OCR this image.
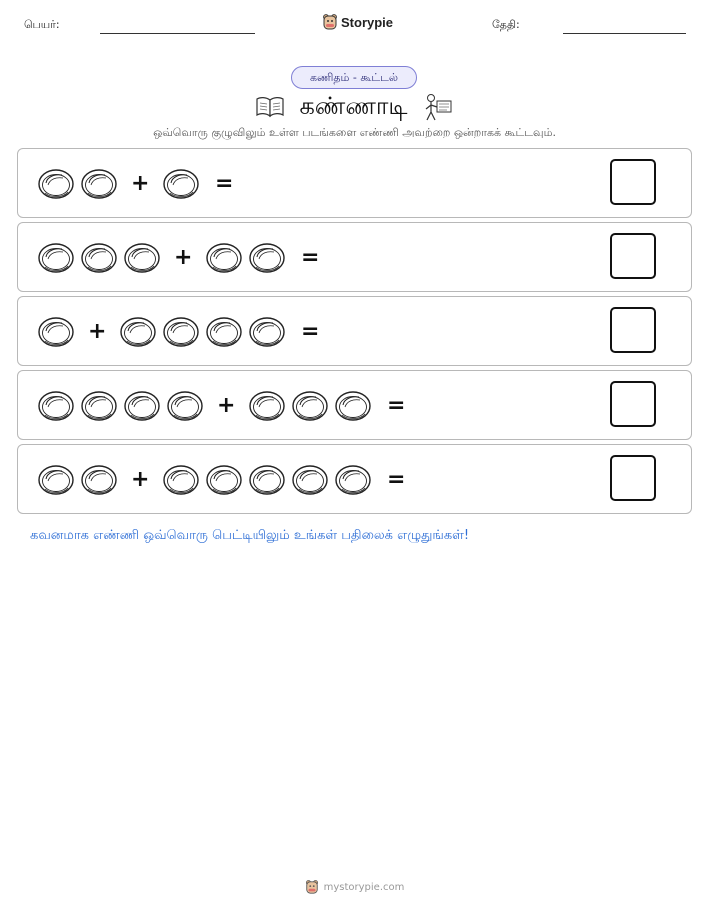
பெயர்:	Storypie	தேதி:
கணிதம் - கூட்டல்
கண்ணாடி
ஒவ்வொரு குழுவிலும் உள்ள படங்களை எண்ணி அவற்றை ஒன்றாகக் கூட்டவும்.
+	=
+	=
+	=
+	=
+	=
கவனமாக எண்ணி ஒவ்வொரு பெட்டியிலும் உங்கள் பதிலைக் எழுதுங்கள்!
mystorypie.com
